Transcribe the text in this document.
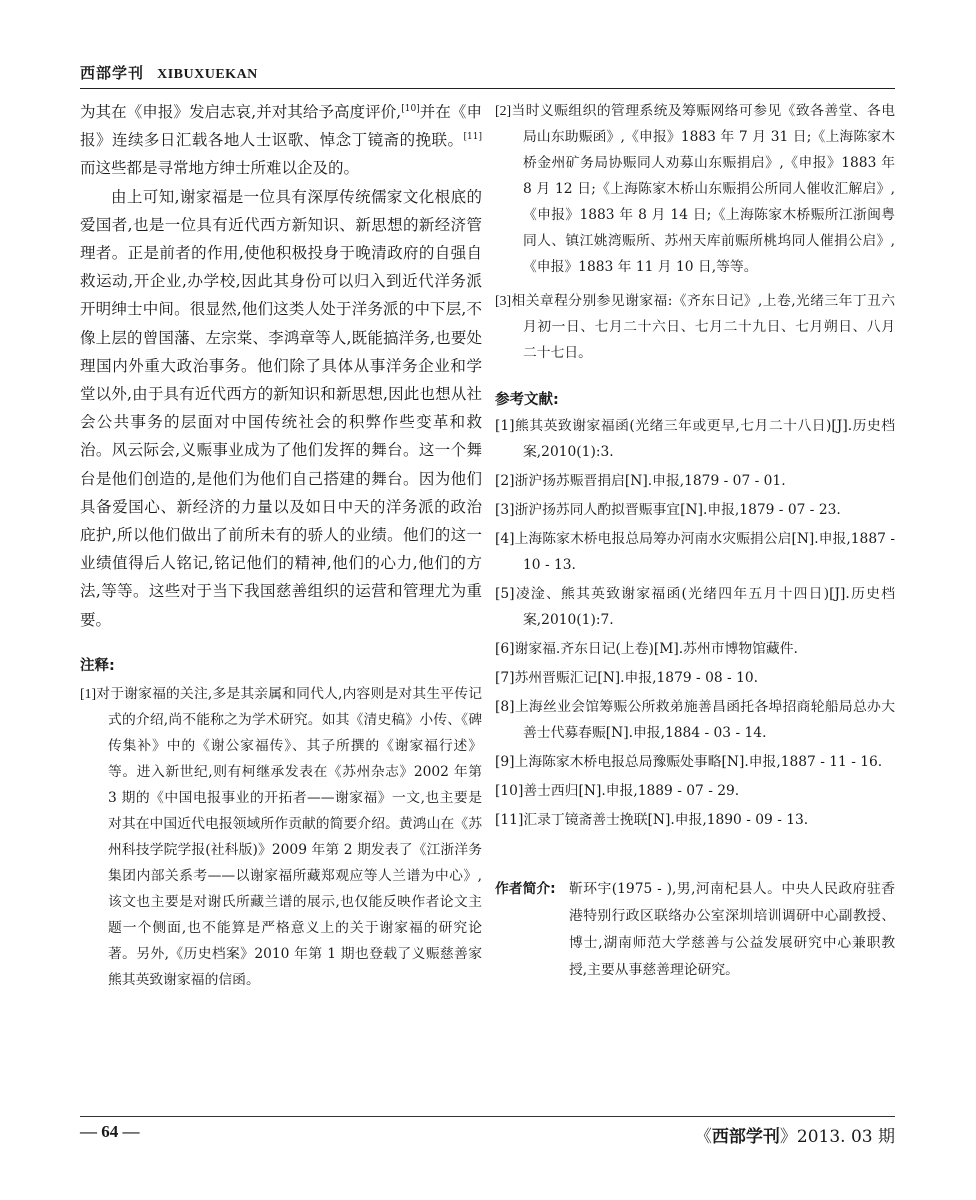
西部学刊 XIBUXUEKAN

为其在《申报》发启志哀,并对其给予高度评价,[10]并在《申报》连续多日汇载各地人士讴歌、悼念丁镜斋的挽联。[11]而这些都是寻常地方绅士所难以企及的。

由上可知,谢家福是一位具有深厚传统儒家文化根底的爱国者,也是一位具有近代西方新知识、新思想的新经济管理者。正是前者的作用,使他积极投身于晚清政府的自强自救运动,开企业,办学校,因此其身份可以归入到近代洋务派开明绅士中间。很显然,他们这类人处于洋务派的中下层,不像上层的曾国藩、左宗棠、李鸿章等人,既能搞洋务,也要处理国内外重大政治事务。他们除了具体从事洋务企业和学堂以外,由于具有近代西方的新知识和新思想,因此也想从社会公共事务的层面对中国传统社会的积弊作些变革和救治。风云际会,义赈事业成为了他们发挥的舞台。这一个舞台是他们创造的,是他们为他们自己搭建的舞台。因为他们具备爱国心、新经济的力量以及如日中天的洋务派的政治庇护,所以他们做出了前所未有的骄人的业绩。他们的这一业绩值得后人铭记,铭记他们的精神,他们的心力,他们的方法,等等。这些对于当下我国慈善组织的运营和管理尤为重要。

注释:

[1]对于谢家福的关注,多是其亲属和同代人,内容则是对其生平传记式的介绍,尚不能称之为学术研究。如其《清史稿》小传、《碑传集补》中的《谢公家福传》、其子所撰的《谢家福行述》等。进入新世纪,则有柯继承发表在《苏州杂志》2002 年第 3 期的《中国电报事业的开拓者——谢家福》一文,也主要是对其在中国近代电报领域所作贡献的简要介绍。黄鸿山在《苏州科技学院学报(社科版)》2009 年第 2 期发表了《江浙洋务集团内部关系考——以谢家福所藏郑观应等人兰谱为中心》,该文也主要是对谢氏所藏兰谱的展示,也仅能反映作者论文主题一个侧面,也不能算是严格意义上的关于谢家福的研究论著。另外,《历史档案》2010 年第 1 期也登载了义赈慈善家熊其英致谢家福的信函。

[2]当时义赈组织的管理系统及筹赈网络可参见《致各善堂、各电局山东助赈函》,《申报》1883 年 7 月 31 日;《上海陈家木桥金州矿务局协赈同人劝募山东赈捐启》,《申报》1883 年 8 月 12 日;《上海陈家木桥山东赈捐公所同人催收汇解启》,《申报》1883 年 8 月 14 日;《上海陈家木桥赈所江浙闽粤同人、镇江姚湾赈所、苏州天库前赈所桃坞同人催捐公启》,《申报》1883 年 11 月 10 日,等等。

[3]相关章程分别参见谢家福:《齐东日记》,上卷,光绪三年丁丑六月初一日、七月二十六日、七月二十九日、七月朔日、八月二十七日。

参考文献:

[1]熊其英致谢家福函(光绪三年或更早,七月二十八日)[J].历史档案,2010(1):3.

[2]浙沪扬苏赈晋捐启[N].申报,1879 - 07 - 01.

[3]浙沪扬苏同人酌拟晋赈事宜[N].申报,1879 - 07 - 23.

[4]上海陈家木桥电报总局筹办河南水灾赈捐公启[N].申报,1887 - 10 - 13.

[5]凌淦、熊其英致谢家福函(光绪四年五月十四日)[J].历史档案,2010(1):7.

[6]谢家福.齐东日记(上卷)[M].苏州市博物馆藏件.

[7]苏州晋赈汇记[N].申报,1879 - 08 - 10.

[8]上海丝业会馆筹赈公所救弟施善昌函托各埠招商轮船局总办大善士代募春赈[N].申报,1884 - 03 - 14.

[9]上海陈家木桥电报总局豫赈处事略[N].申报,1887 - 11 - 16.

[10]善士西归[N].申报,1889 - 07 - 29.

[11]汇录丁镜斋善士挽联[N].申报,1890 - 09 - 13.

作者简介: 靳环宇(1975 - ),男,河南杞县人。中央人民政府驻香港特别行政区联络办公室深圳培训调研中心副教授、博士,湖南师范大学慈善与公益发展研究中心兼职教授,主要从事慈善理论研究。
— 64 —	《西部学刊》2013. 03 期
